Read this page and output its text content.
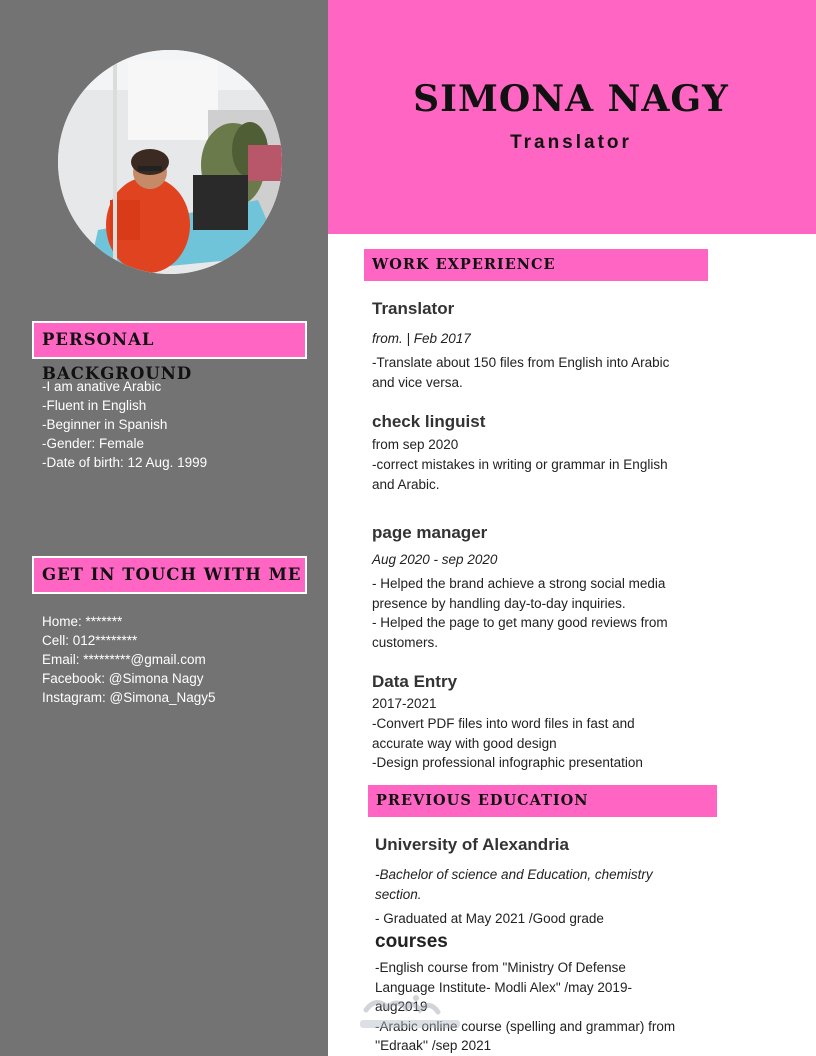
SIMONA NAGY
Translator
PERSONAL BACKGROUND
-I am anative Arabic
-Fluent in English
-Beginner in Spanish
-Gender: Female
-Date of birth: 12 Aug. 1999
GET IN TOUCH WITH ME
Home: *******
Cell: 012********
Email: *********@gmail.com
Facebook: @Simona Nagy
Instagram: @Simona_Nagy5
WORK EXPERIENCE
Translator
from. | Feb 2017
-Translate about 150 files from English into Arabic
and vice versa.
check linguist
from sep 2020
-correct mistakes in writing or grammar in English
and Arabic.
page manager
Aug 2020 - sep 2020
- Helped the brand achieve a strong social media
presence by handling day-to-day inquiries.
- Helped the page to get many good reviews from
customers.
Data Entry
2017-2021
-Convert PDF files into word files in fast and
accurate way with good design
-Design professional infographic presentation
PREVIOUS EDUCATION
University of Alexandria
-Bachelor of science and Education, chemistry
section.
- Graduated at May 2021 /Good grade
courses
-English course from "Ministry Of Defense
Language Institute- Modli Alex" /may 2019-
aug2019
-Arabic online course (spelling and grammar) from
''Edraak'' /sep 2021
